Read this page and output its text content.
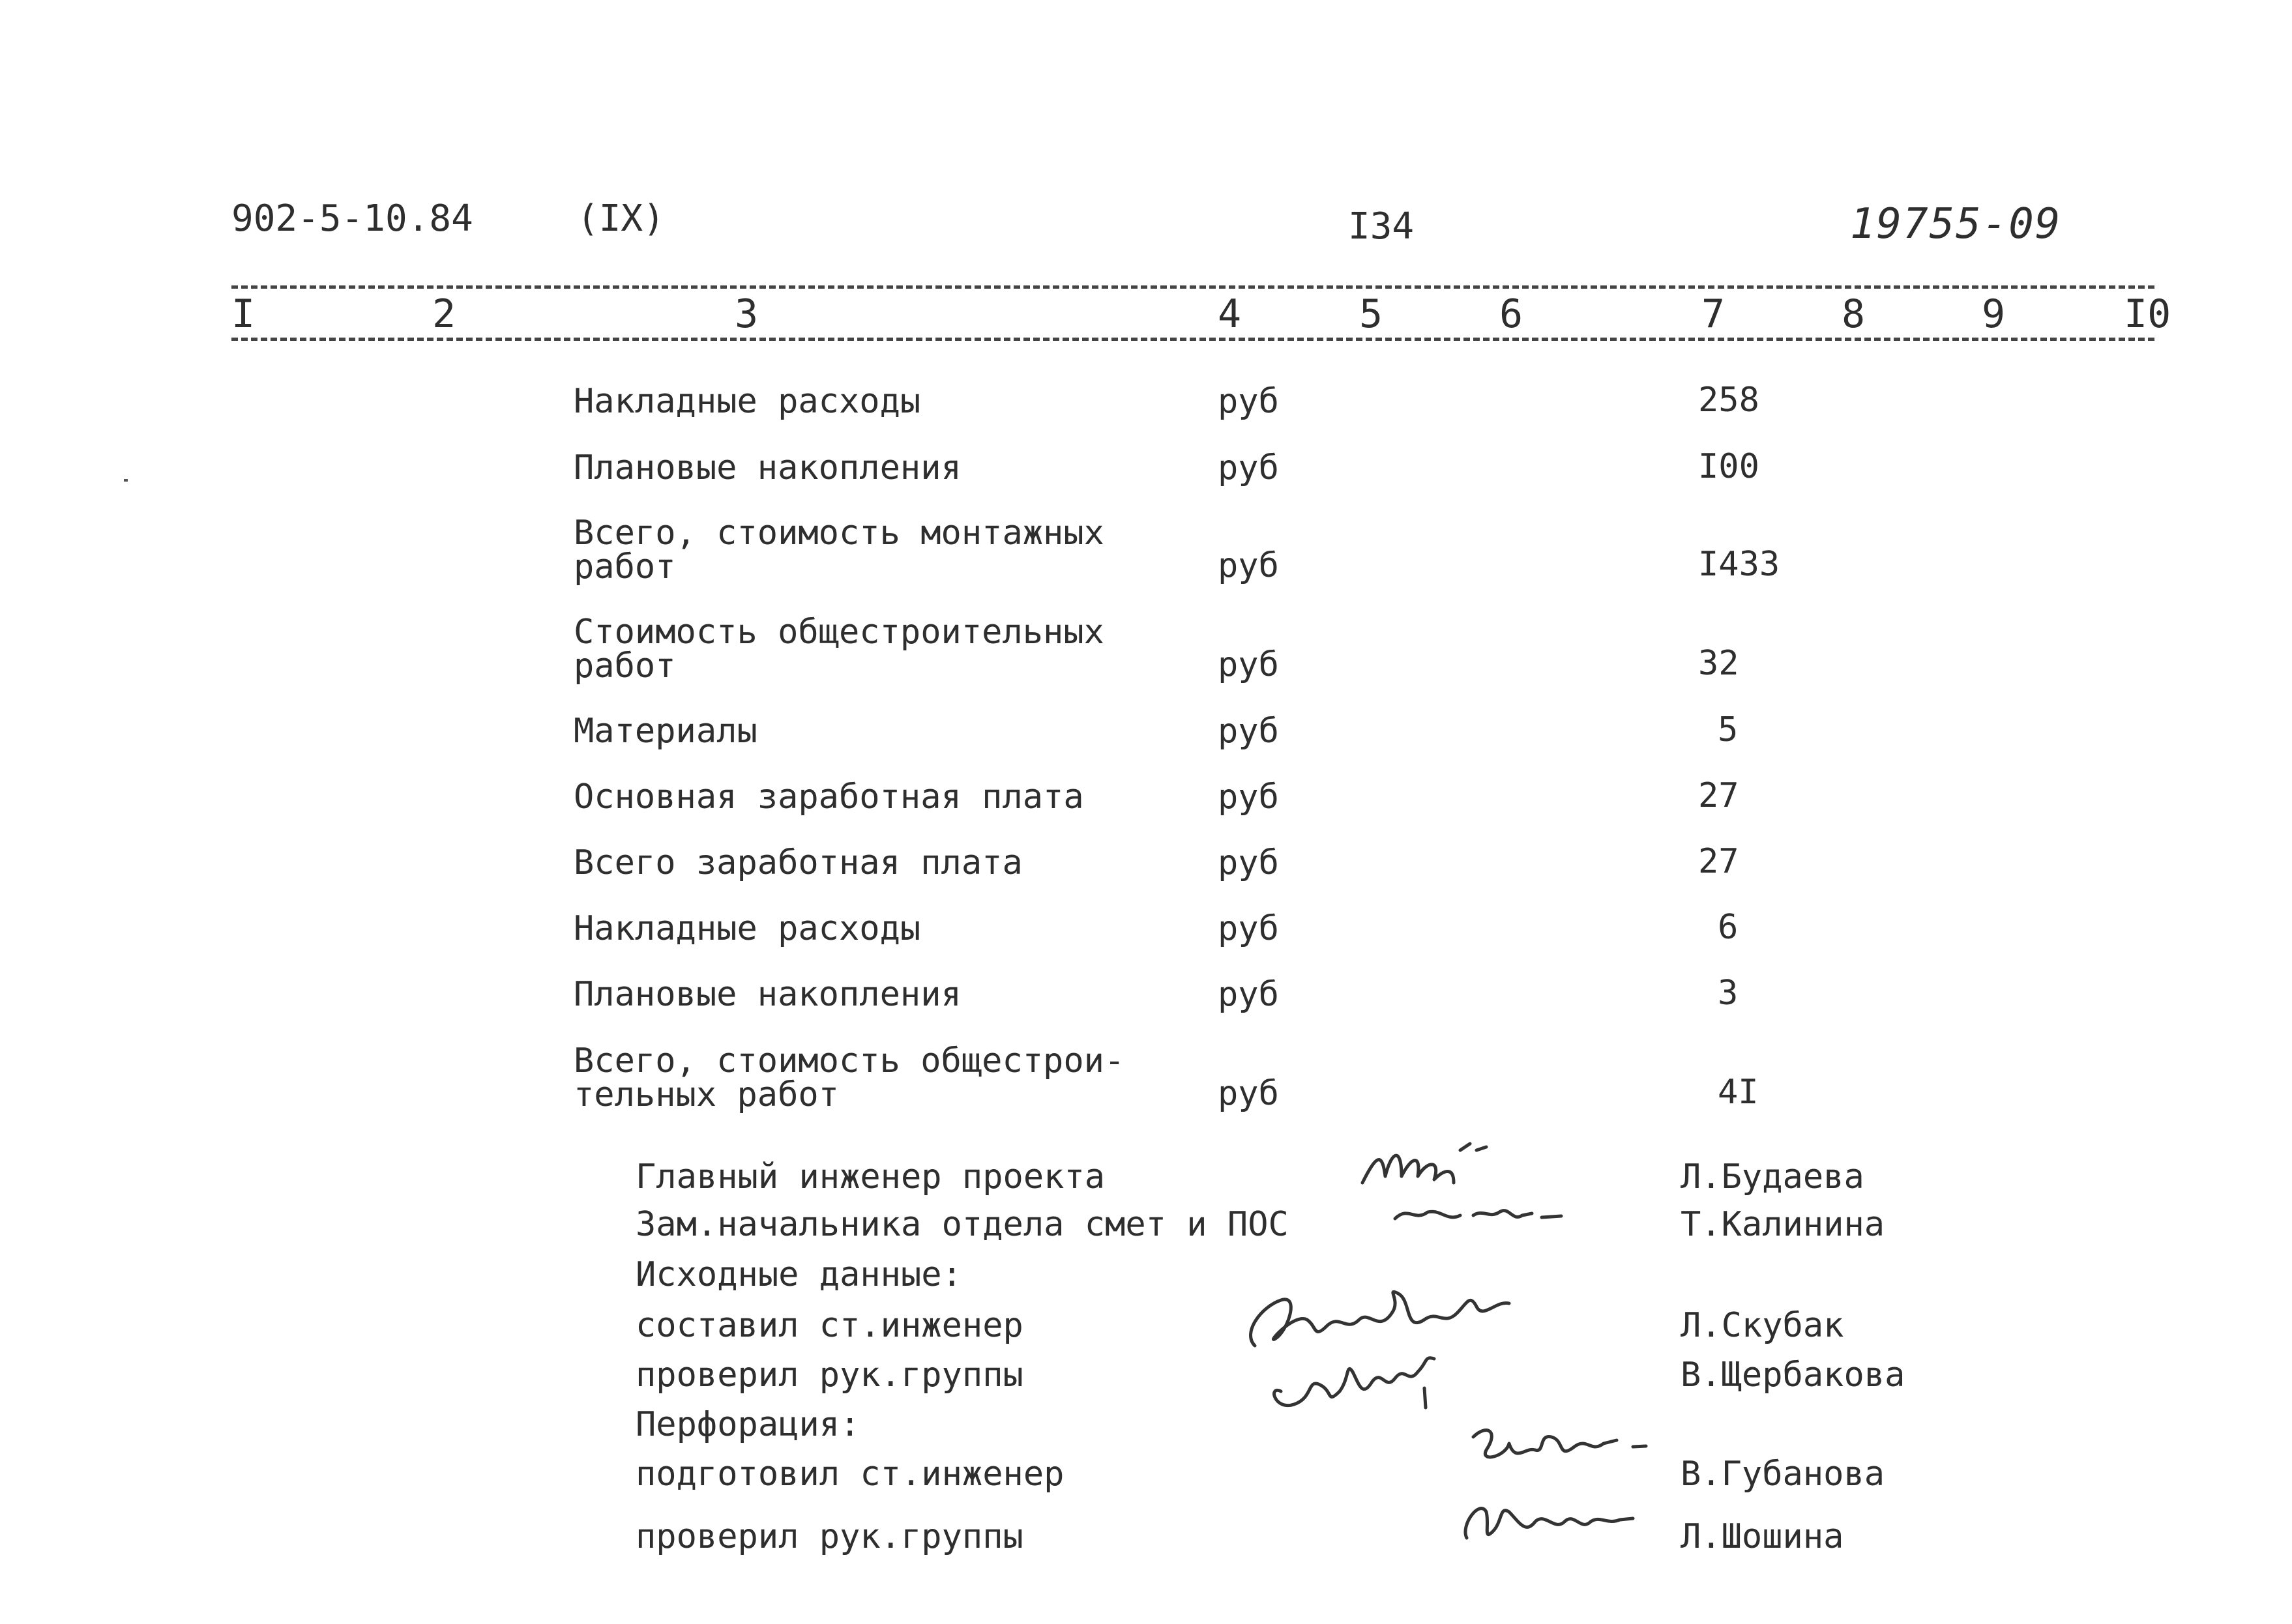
902-5-10.84	(IX)	I34	19755-09
I	2	3	4	5	6	7	8	9	I0
Накладные расходы	руб	258
Плановые накопления	руб	I00
Всего, стоимость монтажных
работ	руб	I433
Стоимость общестроительных
работ	руб	32
Материалы	руб	5
Основная заработная плата	руб	27
Всего заработная плата	руб	27
Накладные расходы	руб	6
Плановые накопления	руб	3
Всего, стоимость общестрои-
тельных работ	руб	4I
Главный инженер проекта	Л.Будаева
Зам.начальника отдела смет и ПОС	Т.Калинина
Исходные данные:
составил ст.инженер	Л.Скубак
проверил рук.группы	В.Щербакова
Перфорация:
подготовил ст.инженер	В.Губанова
проверил рук.группы	Л.Шошина
